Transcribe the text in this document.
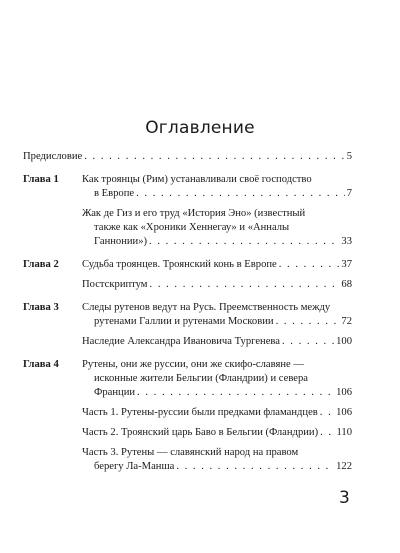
Оглавление
Предисловие . . .	5
Глава 1	Как троянцы (Рим) устанавливали своё господство
в Европе . . .	7
Жак де Гиз и его труд «История Эно» (известный
также как «Хроники Хеннегау» и «Анналы
Ганнонии») . . .	33
Глава 2	Судьба троянцев. Троянский конь в Европе . . .	37
Постскриптум . . .	68
Глава 3	Следы рутенов ведут на Русь. Преемственность между
рутенами Галлии и рутенами Московии . . .	72
Наследие Александра Ивановича Тургенева . . .	100
Глава 4	Рутены, они же руссии, они же скифо-славяне —
исконные жители Бельгии (Фландрии) и севера
Франции . . .	106
Часть 1. Рутены-руссии были предками фламандцев . . . 106
Часть 2. Троянский царь Баво в Бельгии (Фландрии) . . . 110
Часть 3. Рутены — славянский народ на правом
берегу Ла-Манша . . .	122
3
